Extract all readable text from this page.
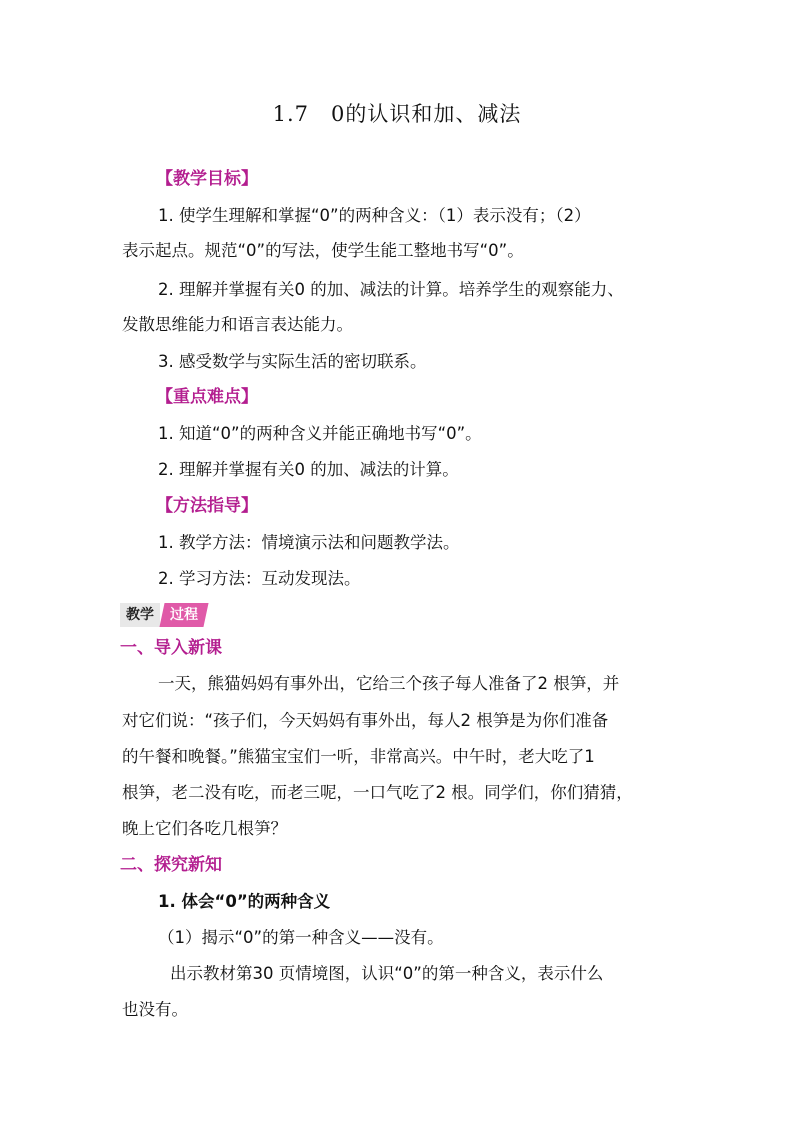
1.7　0的认识和加、减法
【教学目标】
1. 使学生理解和掌握“0”的两种含义：（1）表示没有；（2）
表示起点。规范“0”的写法，使学生能工整地书写“0”。
2. 理解并掌握有关0 的加、减法的计算。培养学生的观察能力、
发散思维能力和语言表达能力。
3. 感受数学与实际生活的密切联系。
【重点难点】
1. 知道“0”的两种含义并能正确地书写“0”。
2. 理解并掌握有关0 的加、减法的计算。
【方法指导】
1. 教学方法：情境演示法和问题教学法。
2. 学习方法：互动发现法。
教学	过程
一、导入新课
一天，熊猫妈妈有事外出，它给三个孩子每人准备了2 根笋，并
对它们说：“孩子们，今天妈妈有事外出，每人2 根笋是为你们准备
的午餐和晚餐。”熊猫宝宝们一听，非常高兴。中午时，老大吃了1
根笋，老二没有吃，而老三呢，一口气吃了2 根。同学们，你们猜猜，
晚上它们各吃几根笋？
二、探究新知
1. 体会“0”的两种含义
（1）揭示“0”的第一种含义——没有。
出示教材第30 页情境图，认识“0”的第一种含义，表示什么
也没有。
